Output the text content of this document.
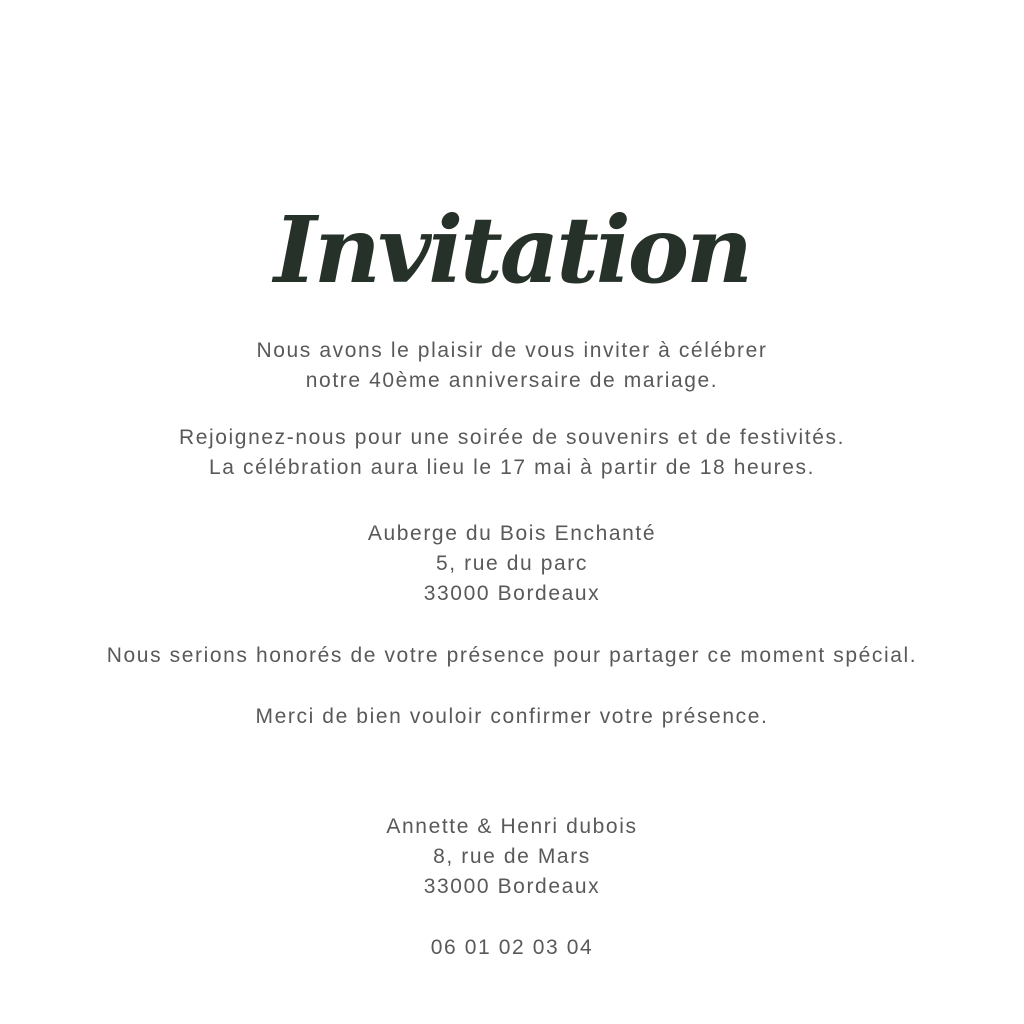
Invitation

Nous avons le plaisir de vous inviter à célébrer
notre 40ème anniversaire de mariage.

Rejoignez-nous pour une soirée de souvenirs et de festivités.
La célébration aura lieu le 17 mai à partir de 18 heures.

Auberge du Bois Enchanté
5, rue du parc
33000 Bordeaux

Nous serions honorés de votre présence pour partager ce moment spécial.

Merci de bien vouloir confirmer votre présence.

Annette & Henri dubois
8, rue de Mars
33000 Bordeaux

06 01 02 03 04
